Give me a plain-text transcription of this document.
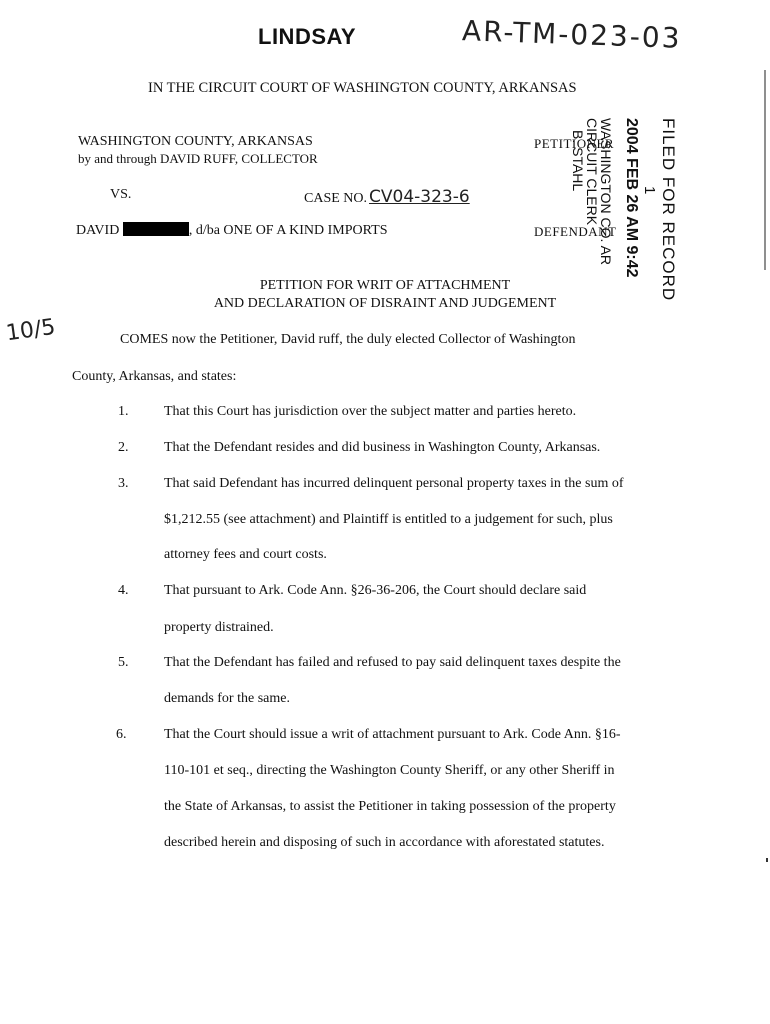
LINDSAY	AR-TM-023-03
IN THE CIRCUIT COURT OF WASHINGTON COUNTY, ARKANSAS
WASHINGTON COUNTY, ARKANSAS
by and through DAVID RUFF, COLLECTOR
PETITIONER
VS.	CASE NO. CV04-323-6
DAVID	, d/ba ONE OF A KIND IMPORTS	DEFENDANT	FILED FOR RECORD
1
2004 FEB 26 AM 9:42
WASHINGTON CO. AR
CIRCUIT CLERK
B. STAHL
PETITION FOR WRIT OF ATTACHMENT
AND DECLARATION OF DISRAINT AND JUDGEMENT
10/5	COMES now the Petitioner, David ruff, the duly elected Collector of Washington
County, Arkansas, and states:
1.	That this Court has jurisdiction over the subject matter and parties hereto.
2.	That the Defendant resides and did business in Washington County, Arkansas.
3.	That said Defendant has incurred delinquent personal property taxes in the sum of
$1,212.55 (see attachment) and Plaintiff is entitled to a judgement for such, plus
attorney fees and court costs.
4.	That pursuant to Ark. Code Ann. §26-36-206, the Court should declare said
property distrained.
5.	That the Defendant has failed and refused to pay said delinquent taxes despite the
demands for the same.
6.	That the Court should issue a writ of attachment pursuant to Ark. Code Ann. §16-
110-101 et seq., directing the Washington County Sheriff, or any other Sheriff in
the State of Arkansas, to assist the Petitioner in taking possession of the property
described herein and disposing of such in accordance with aforestated statutes.
